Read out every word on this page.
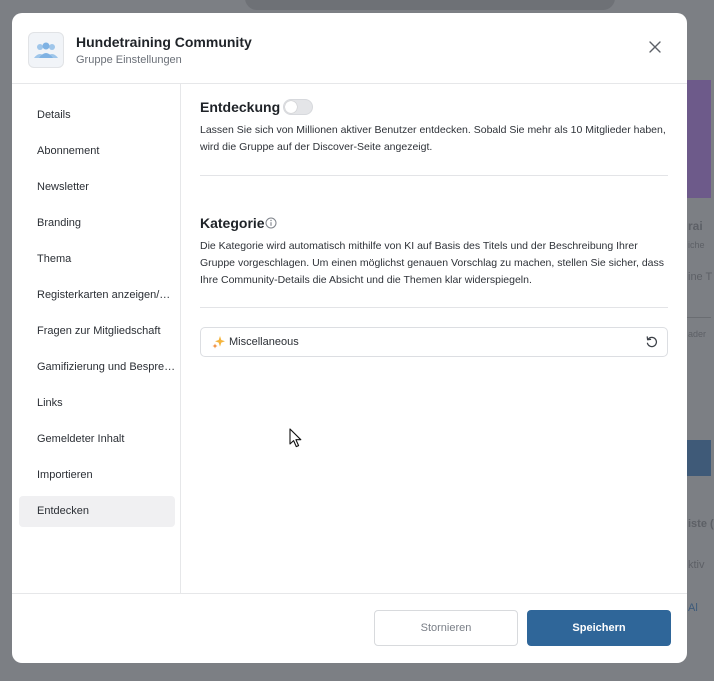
rai
iche
ine T
ader
iste (
ktiv
Al
Hundetraining Community
Gruppe Einstellungen
Details
Abonnement
Newsletter
Branding
Thema
Registerkarten anzeigen/…
Fragen zur Mitgliedschaft
Gamifizierung und Bespre…
Links
Gemeldeter Inhalt
Importieren
Entdecken
Entdeckung
Lassen Sie sich von Millionen aktiver Benutzer entdecken. Sobald Sie mehr als 10 Mitglieder haben, wird die Gruppe auf der Discover-Seite angezeigt.
Kategorie
Die Kategorie wird automatisch mithilfe von KI auf Basis des Titels und der Beschreibung Ihrer Gruppe vorgeschlagen. Um einen möglichst genauen Vorschlag zu machen, stellen Sie sicher, dass Ihre Community-Details die Absicht und die Themen klar widerspiegeln.
Miscellaneous
Stornieren	Speichern
